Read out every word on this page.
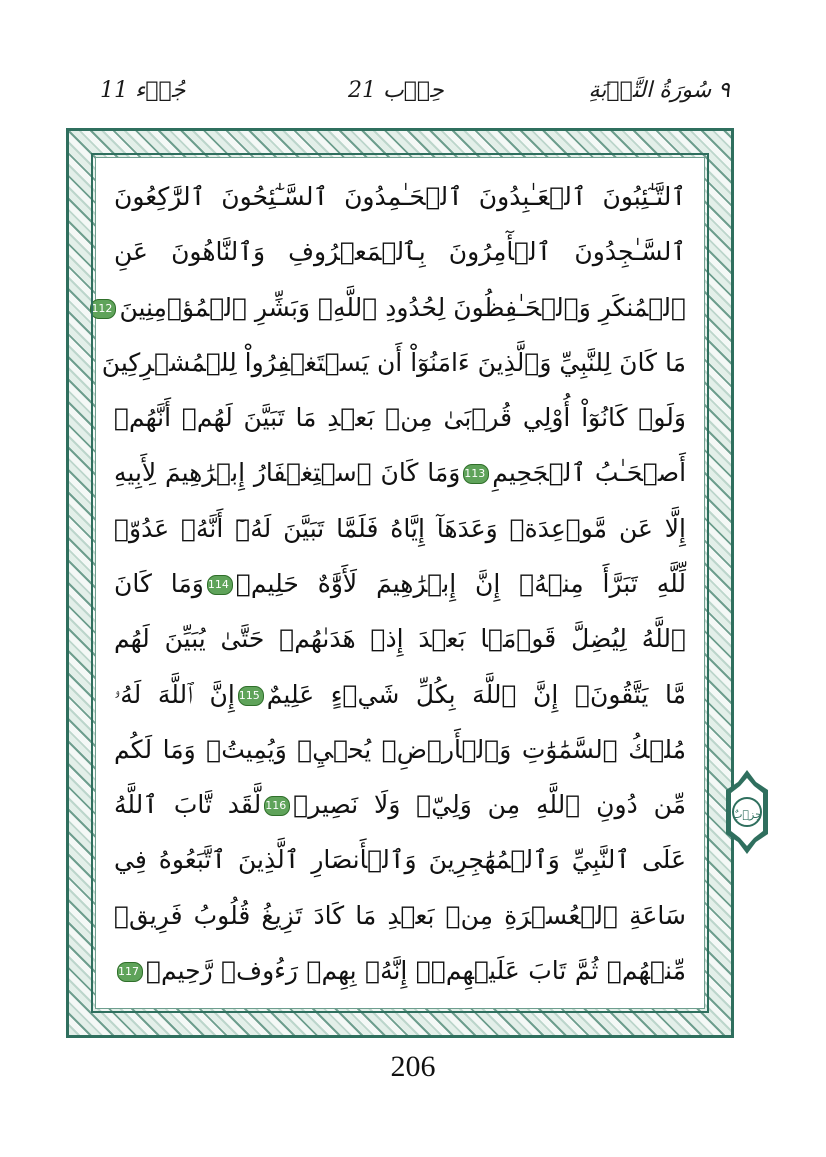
٩ سُورَةُ التَّوۡبَةِ
حِزۡب 21
جُزۡء 11
ٱلتَّـٰٓئِبُونَ ٱلۡعَـٰبِدُونَ ٱلۡحَـٰمِدُونَ ٱلسَّـٰٓئِحُونَ ٱلرَّٰكِعُونَ
ٱلسَّـٰجِدُونَ ٱلۡأٓمِرُونَ بِٱلۡمَعۡرُوفِ وَٱلنَّاهُونَ عَنِ
ٱلۡمُنكَرِ وَٱلۡحَـٰفِظُونَ لِحُدُودِ ٱللَّهِۗ وَبَشِّرِ ٱلۡمُؤۡمِنِينَ112
مَا كَانَ لِلنَّبِيِّ وَٱلَّذِينَ ءَامَنُوٓاْ أَن يَسۡتَغۡفِرُواْ لِلۡمُشۡرِكِينَ
وَلَوۡ كَانُوٓاْ أُوْلِي قُرۡبَىٰ مِنۢ بَعۡدِ مَا تَبَيَّنَ لَهُمۡ أَنَّهُمۡ
أَصۡحَـٰبُ ٱلۡجَحِيمِ113وَمَا كَانَ ٱسۡتِغۡفَارُ إِبۡرَٰهِيمَ لِأَبِيهِ
إِلَّا عَن مَّوۡعِدَةٖ وَعَدَهَآ إِيَّاهُ فَلَمَّا تَبَيَّنَ لَهُۥٓ أَنَّهُۥ عَدُوّٞ
لِّلَّهِ تَبَرَّأَ مِنۡهُۚ إِنَّ إِبۡرَٰهِيمَ لَأَوَّٰهٌ حَلِيمٞ114وَمَا كَانَ
ٱللَّهُ لِيُضِلَّ قَوۡمَۢا بَعۡدَ إِذۡ هَدَىٰهُمۡ حَتَّىٰ يُبَيِّنَ لَهُم
مَّا يَتَّقُونَۚ إِنَّ ٱللَّهَ بِكُلِّ شَيۡءٍ عَلِيمٌ115إِنَّ ٱللَّهَ لَهُۥ
مُلۡكُ ٱلسَّمَٰوَٰتِ وَٱلۡأَرۡضِۖ يُحۡيِۦ وَيُمِيتُۚ وَمَا لَكُم
مِّن دُونِ ٱللَّهِ مِن وَلِيّٖ وَلَا نَصِيرٖ116لَّقَد تَّابَ ٱللَّهُ
عَلَى ٱلنَّبِيِّ وَٱلۡمُهَٰجِرِينَ وَٱلۡأَنصَارِ ٱلَّذِينَ ٱتَّبَعُوهُ فِي
سَاعَةِ ٱلۡعُسۡرَةِ مِنۢ بَعۡدِ مَا كَادَ تَزِيغُ قُلُوبُ فَرِيقٖ
مِّنۡهُمۡ ثُمَّ تَابَ عَلَيۡهِمۡۚ إِنَّهُۥ بِهِمۡ رَءُوفٞ رَّحِيمٞ117
حِزۡبٌ
206
